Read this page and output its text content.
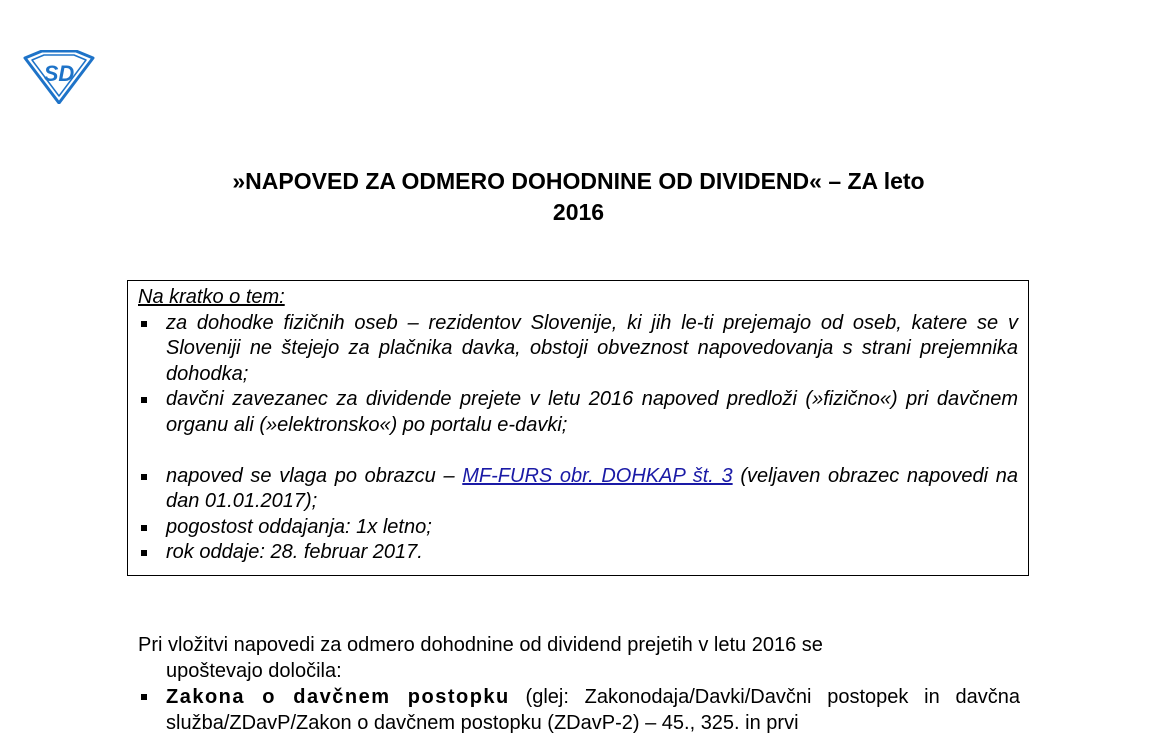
SD
»NAPOVED ZA ODMERO DOHODNINE OD DIVIDEND« – ZA leto
2016

Na kratko o tem:

za dohodke fizičnih oseb – rezidentov Slovenije, ki jih le-ti prejemajo od oseb, katere se v Sloveniji ne štejejo za plačnika davka, obstoji obveznost napovedovanja s strani prejemnika dohodka;
davčni zavezanec za dividende prejete v letu 2016 napoved predloži (»fizično«) pri davčnem organu ali (»elektronsko«) po portalu e-davki;
napoved se vlaga po obrazcu – MF-FURS obr. DOHKAP št. 3 (veljaven obrazec napovedi na dan 01.01.2017);
pogostost oddajanja: 1x letno;
rok oddaje: 28. februar 2017.

Pri vložitvi napovedi za odmero dohodnine od dividend prejetih v letu 2016 se
upoštevajo določila:

Zakona o davčnem postopku (glej: Zakonodaja/Davki/Davčni postopek in davčna služba/ZDavP/Zakon o davčnem postopku (ZDavP-2) – 45., 325. in prvi
